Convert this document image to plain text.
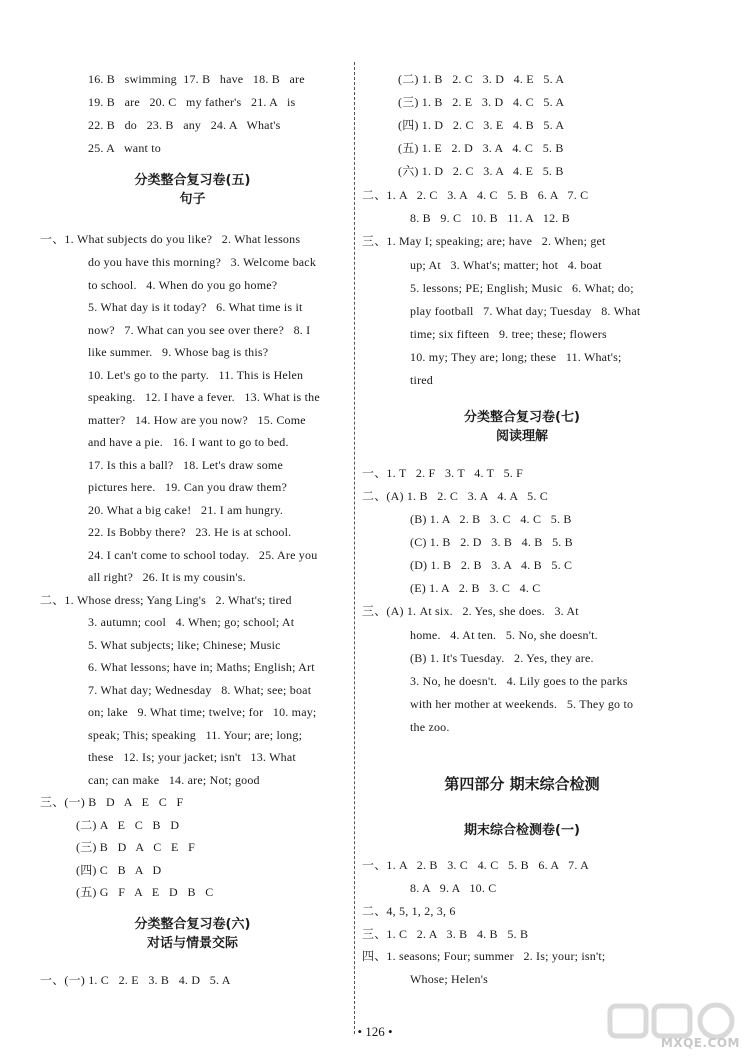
16. B   swimming  17. B   have   18. B   are
19. B   are   20. C   my father's   21. A   is
22. B   do   23. B   any   24. A   What's
25. A   want to
分类整合复习卷(五)
句子
一、1. What subjects do you like?   2. What lessons
do you have this morning?   3. Welcome back
to school.   4. When do you go home?
5. What day is it today?   6. What time is it
now?   7. What can you see over there?   8. I
like summer.   9. Whose bag is this?
10. Let's go to the party.   11. This is Helen
speaking.   12. I have a fever.   13. What is the
matter?   14. How are you now?   15. Come
and have a pie.   16. I want to go to bed.
17. Is this a ball?   18. Let's draw some
pictures here.   19. Can you draw them?
20. What a big cake!   21. I am hungry.
22. Is Bobby there?   23. He is at school.
24. I can't come to school today.   25. Are you
all right?   26. It is my cousin's.
二、1. Whose dress; Yang Ling's   2. What's; tired
3. autumn; cool   4. When; go; school; At
5. What subjects; like; Chinese; Music
6. What lessons; have in; Maths; English; Art
7. What day; Wednesday   8. What; see; boat
on; lake   9. What time; twelve; for   10. may;
speak; This; speaking   11. Your; are; long;
these   12. Is; your jacket; isn't   13. What
can; can make   14. are; Not; good
三、(一) B   D   A   E   C   F
(二) A   E   C   B   D
(三) B   D   A   C   E   F
(四) C   B   A   D
(五) G   F   A   E   D   B   C
分类整合复习卷(六)
对话与情景交际
一、(一) 1. C   2. E   3. B   4. D   5. A
(二) 1. B   2. C   3. D   4. E   5. A
(三) 1. B   2. E   3. D   4. C   5. A
(四) 1. D   2. C   3. E   4. B   5. A
(五) 1. E   2. D   3. A   4. C   5. B
(六) 1. D   2. C   3. A   4. E   5. B
二、1. A   2. C   3. A   4. C   5. B   6. A   7. C
8. B   9. C   10. B   11. A   12. B
三、1. May I; speaking; are; have   2. When; get
up; At   3. What's; matter; hot   4. boat
5. lessons; PE; English; Music   6. What; do;
play football   7. What day; Tuesday   8. What
time; six fifteen   9. tree; these; flowers
10. my; They are; long; these   11. What's;
tired
分类整合复习卷(七)
阅读理解
一、1. T   2. F   3. T   4. T   5. F
二、(A) 1. B   2. C   3. A   4. A   5. C
(B) 1. A   2. B   3. C   4. C   5. B
(C) 1. B   2. D   3. B   4. B   5. B
(D) 1. B   2. B   3. A   4. B   5. C
(E) 1. A   2. B   3. C   4. C
三、(A) 1. At six.   2. Yes, she does.   3. At
home.   4. At ten.   5. No, she doesn't.
(B) 1. It's Tuesday.   2. Yes, they are.
3. No, he doesn't.   4. Lily goes to the parks
with her mother at weekends.   5. They go to
the zoo.
第四部分 期末综合检测
期末综合检测卷(一)
一、1. A   2. B   3. C   4. C   5. B   6. A   7. A
8. A   9. A   10. C
二、4, 5, 1, 2, 3, 6
三、1. C   2. A   3. B   4. B   5. B
四、1. seasons; Four; summer   2. Is; your; isn't;
Whose; Helen's
• 126 •
MXQE.COM
